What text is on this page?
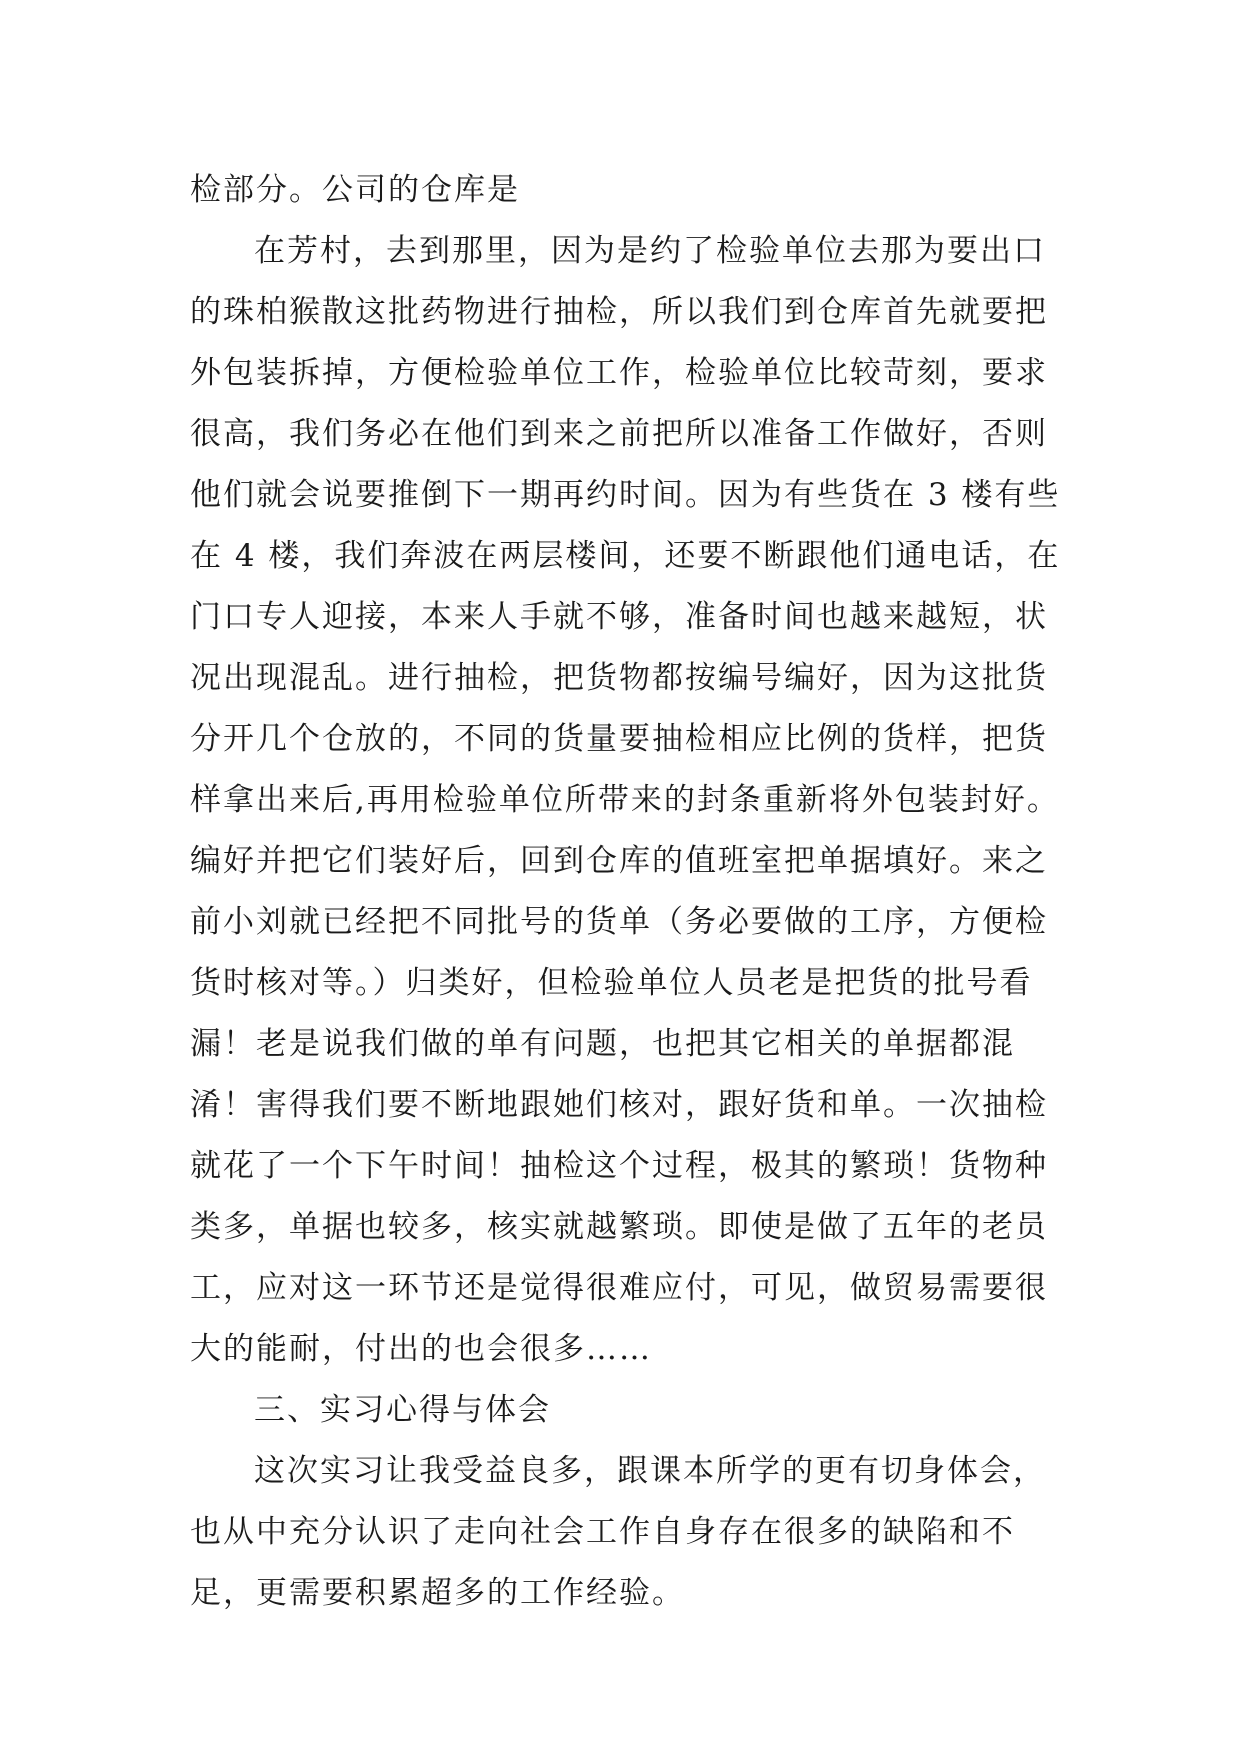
检部分。公司的仓库是
在芳村，去到那里，因为是约了检验单位去那为要出口
的珠柏猴散这批药物进行抽检，所以我们到仓库首先就要把
外包装拆掉，方便检验单位工作，检验单位比较苛刻，要求
很高，我们务必在他们到来之前把所以准备工作做好，否则
他们就会说要推倒下一期再约时间。因为有些货在 3 楼有些
在 4 楼，我们奔波在两层楼间，还要不断跟他们通电话，在
门口专人迎接，本来人手就不够，准备时间也越来越短，状
况出现混乱。进行抽检，把货物都按编号编好，因为这批货
分开几个仓放的，不同的货量要抽检相应比例的货样，把货
样拿出来后,再用检验单位所带来的封条重新将外包装封好。
编好并把它们装好后，回到仓库的值班室把单据填好。来之
前小刘就已经把不同批号的货单（务必要做的工序，方便检
货时核对等。）归类好，但检验单位人员老是把货的批号看
漏！老是说我们做的单有问题，也把其它相关的单据都混
淆！害得我们要不断地跟她们核对，跟好货和单。一次抽检
就花了一个下午时间！抽检这个过程，极其的繁琐！货物种
类多，单据也较多，核实就越繁琐。即使是做了五年的老员
工，应对这一环节还是觉得很难应付，可见，做贸易需要很
大的能耐，付出的也会很多……
三、实习心得与体会
这次实习让我受益良多，跟课本所学的更有切身体会，
也从中充分认识了走向社会工作自身存在很多的缺陷和不
足，更需要积累超多的工作经验。
